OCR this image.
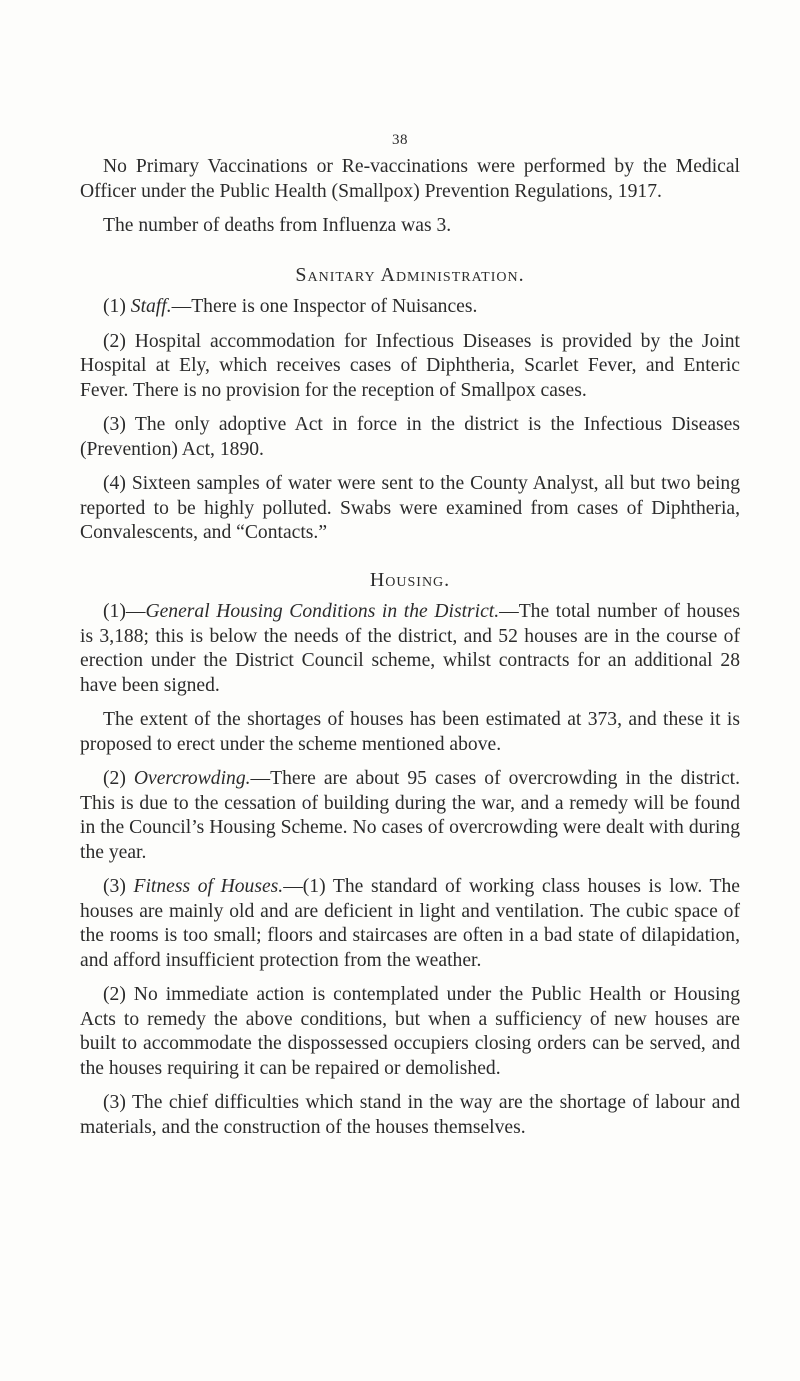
38

No Primary Vaccinations or Re-vaccinations were performed by the Medical Officer under the Public Health (Smallpox) Prevention Regulations, 1917.

The number of deaths from Influenza was 3.

Sanitary Administration.

(1) Staff.—There is one Inspector of Nuisances.

(2) Hospital accommodation for Infectious Diseases is provided by the Joint Hospital at Ely, which receives cases of Diphtheria, Scarlet Fever, and Enteric Fever. There is no provision for the reception of Smallpox cases.

(3) The only adoptive Act in force in the district is the Infectious Diseases (Prevention) Act, 1890.

(4) Sixteen samples of water were sent to the County Analyst, all but two being reported to be highly polluted. Swabs were examined from cases of Diphtheria, Convalescents, and “Contacts.”

Housing.

(1)—General Housing Conditions in the District.—The total number of houses is 3,188; this is below the needs of the district, and 52 houses are in the course of erection under the District Council scheme, whilst contracts for an additional 28 have been signed.

The extent of the shortages of houses has been estimated at 373, and these it is proposed to erect under the scheme mentioned above.

(2) Overcrowding.—There are about 95 cases of overcrowding in the district. This is due to the cessation of building during the war, and a remedy will be found in the Council’s Housing Scheme. No cases of overcrowding were dealt with during the year.

(3) Fitness of Houses.—(1) The standard of working class houses is low. The houses are mainly old and are deficient in light and ventilation. The cubic space of the rooms is too small; floors and staircases are often in a bad state of dilapidation, and afford insufficient protection from the weather.

(2) No immediate action is contemplated under the Public Health or Housing Acts to remedy the above conditions, but when a sufficiency of new houses are built to accommodate the dispossessed occupiers closing orders can be served, and the houses requiring it can be repaired or demolished.

(3) The chief difficulties which stand in the way are the shortage of labour and materials, and the construction of the houses themselves.
